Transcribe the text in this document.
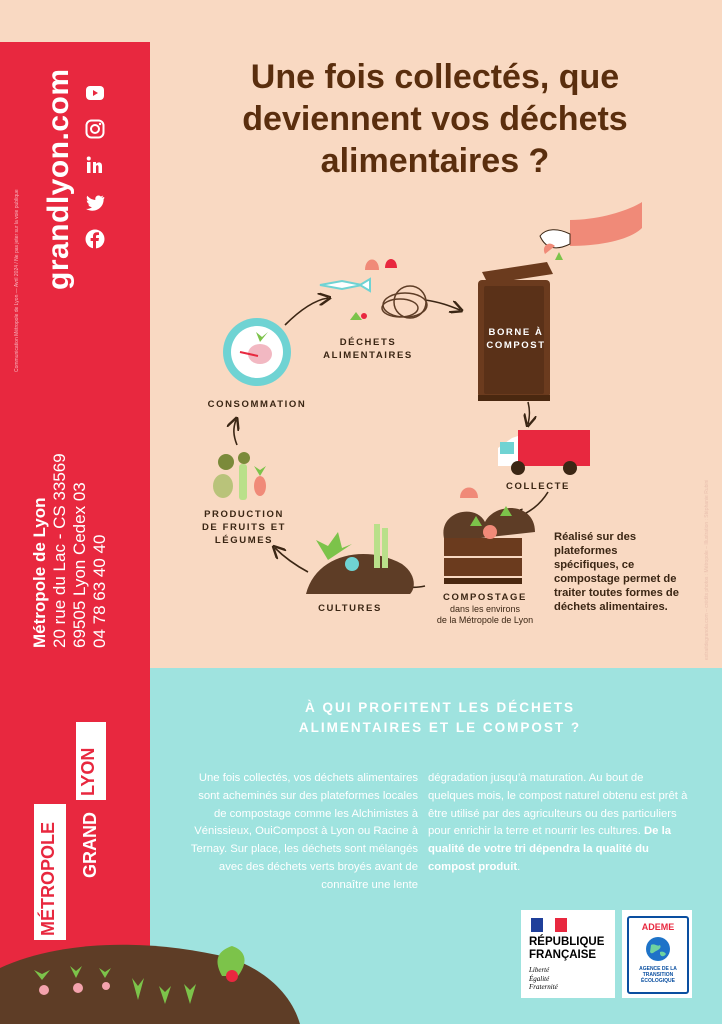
Communication Métropole de Lyon — Avril 2024 / Ne pas jeter sur la voie publique grandlyon.com
Métropole de Lyon 20 rue du Lac - CS 33569 69505 Lyon Cedex 03 04 78 63 40 40
LYON
MÉTROPOLE GRAND
Une fois collectés, que deviennent vos déchets alimentaires ?
DÉCHETS
ALIMENTAIRES
BORNE À
COMPOST
COLLECTE
COMPOSTAGE
dans les environs
de la Métropole de Lyon
CULTURES
PRODUCTION
DE FRUITS ET
LÉGUMES
CONSOMMATION
Réalisé sur des plateformes spécifiques, ce compostage permet de traiter toutes formes de déchets alimentaires.	extraitdegranola.com – crédits photos : Métropole – Illustration : Stéphanie Rubini
À QUI PROFITENT LES DÉCHETS
ALIMENTAIRES ET LE COMPOST ?
Une fois collectés, vos déchets alimentaires sont acheminés sur des plateformes locales de compostage comme les Alchimistes à Vénissieux, OuiCompost à Lyon ou Racine à Ternay. Sur place, les déchets sont mélangés avec des déchets verts broyés avant de connaître une lente
dégradation jusqu’à maturation. Au bout de quelques mois, le compost naturel obtenu est prêt à être utilisé par des agriculteurs ou des particuliers pour enrichir la terre et nourrir les cultures. De la qualité de votre tri dépendra la qualité du compost produit.
RÉPUBLIQUE
FRANÇAISE
Liberté
Égalité
Fraternité
ADEME
AGENCE DE LA
TRANSITION
ÉCOLOGIQUE
